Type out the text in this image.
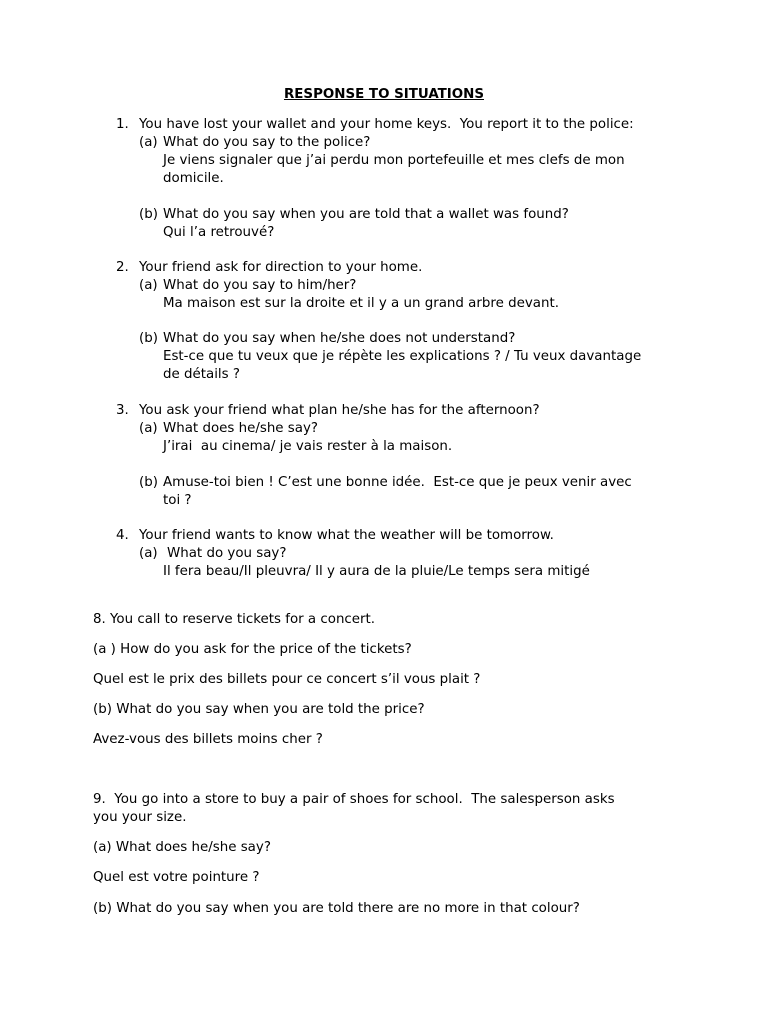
RESPONSE TO SITUATIONS
1. You have lost your wallet and your home keys.  You report it to the police:
(a) What do you say to the police?
Je viens signaler que j’ai perdu mon portefeuille et mes clefs de mon
domicile.
(b) What do you say when you are told that a wallet was found?
Qui l’a retrouvé?
2. Your friend ask for direction to your home.
(a) What do you say to him/her?
Ma maison est sur la droite et il y a un grand arbre devant.
(b) What do you say when he/she does not understand?
Est-ce que tu veux que je répète les explications ? / Tu veux davantage
de détails ?
3. You ask your friend what plan he/she has for the afternoon?
(a) What does he/she say?
J’irai  au cinema/ je vais rester à la maison.
(b) Amuse-toi bien ! C’est une bonne idée.  Est-ce que je peux venir avec
toi ?
4. Your friend wants to know what the weather will be tomorrow.
(a) What do you say?
Il fera beau/Il pleuvra/ Il y aura de la pluie/Le temps sera mitigé
8. You call to reserve tickets for a concert.
(a ) How do you ask for the price of the tickets?
Quel est le prix des billets pour ce concert s’il vous plait ?
(b) What do you say when you are told the price?
Avez-vous des billets moins cher ?
9.  You go into a store to buy a pair of shoes for school.  The salesperson asks
you your size.
(a) What does he/she say?
Quel est votre pointure ?
(b) What do you say when you are told there are no more in that colour?
